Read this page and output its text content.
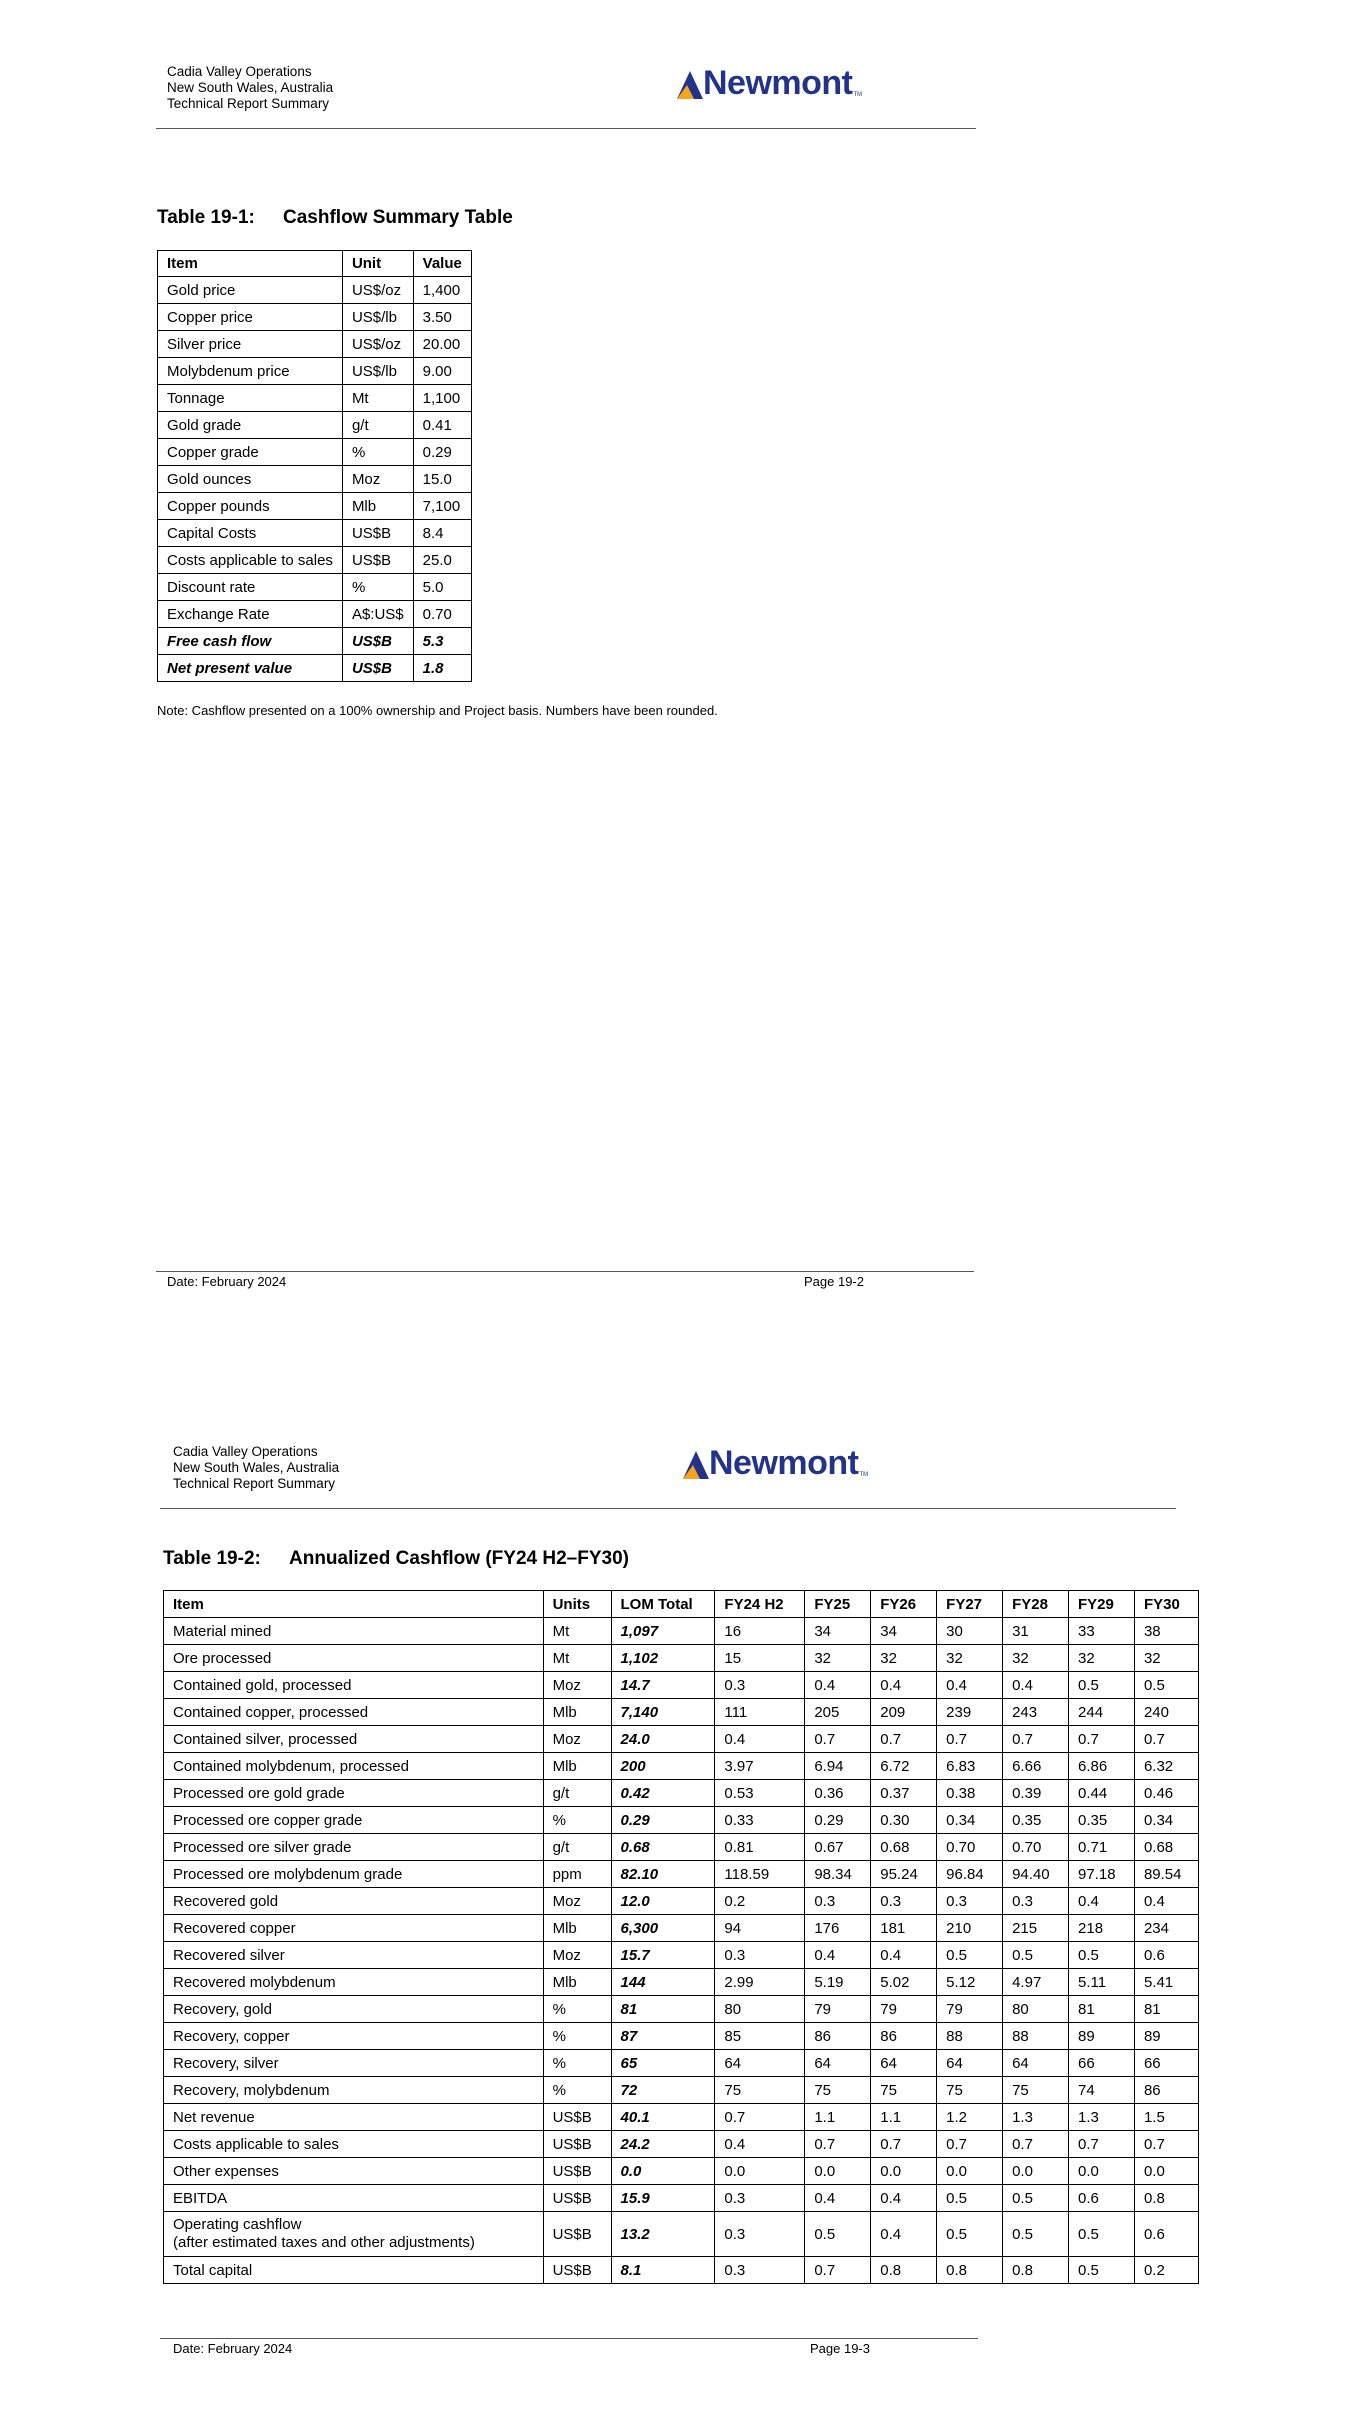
Cadia Valley Operations
New South Wales, Australia
Technical Report Summary
Newmont TM
Table 19-1: Cashflow Summary Table
Item	Unit	Value
Gold price	US$/oz	1,400
Copper price	US$/lb	3.50
Silver price	US$/oz	20.00
Molybdenum price	US$/lb	9.00
Tonnage	Mt	1,100
Gold grade	g/t	0.41
Copper grade	%	0.29
Gold ounces	Moz	15.0
Copper pounds	Mlb	7,100
Capital Costs	US$B	8.4
Costs applicable to sales	US$B	25.0
Discount rate	%	5.0
Exchange Rate	A$:US$	0.70
Free cash flow	US$B	5.3
Net present value	US$B	1.8
Note: Cashflow presented on a 100% ownership and Project basis. Numbers have been rounded.
Date: February 2024	Page 19-2
Cadia Valley Operations
New South Wales, Australia
Technical Report Summary
Newmont TM
Table 19-2: Annualized Cashflow (FY24 H2–FY30)
Item	Units	LOM Total	FY24 H2	FY25	FY26	FY27	FY28	FY29	FY30
Material mined	Mt	1,097	16	34	34	30	31	33	38
Ore processed	Mt	1,102	15	32	32	32	32	32	32
Contained gold, processed	Moz	14.7	0.3	0.4	0.4	0.4	0.4	0.5	0.5
Contained copper, processed	Mlb	7,140	111	205	209	239	243	244	240
Contained silver, processed	Moz	24.0	0.4	0.7	0.7	0.7	0.7	0.7	0.7
Contained molybdenum, processed	Mlb	200	3.97	6.94	6.72	6.83	6.66	6.86	6.32
Processed ore gold grade	g/t	0.42	0.53	0.36	0.37	0.38	0.39	0.44	0.46
Processed ore copper grade	%	0.29	0.33	0.29	0.30	0.34	0.35	0.35	0.34
Processed ore silver grade	g/t	0.68	0.81	0.67	0.68	0.70	0.70	0.71	0.68
Processed ore molybdenum grade	ppm	82.10	118.59	98.34	95.24	96.84	94.40	97.18	89.54
Recovered gold	Moz	12.0	0.2	0.3	0.3	0.3	0.3	0.4	0.4
Recovered copper	Mlb	6,300	94	176	181	210	215	218	234
Recovered silver	Moz	15.7	0.3	0.4	0.4	0.5	0.5	0.5	0.6
Recovered molybdenum	Mlb	144	2.99	5.19	5.02	5.12	4.97	5.11	5.41
Recovery, gold	%	81	80	79	79	79	80	81	81
Recovery, copper	%	87	85	86	86	88	88	89	89
Recovery, silver	%	65	64	64	64	64	64	66	66
Recovery, molybdenum	%	72	75	75	75	75	75	74	86
Net revenue	US$B	40.1	0.7	1.1	1.1	1.2	1.3	1.3	1.5
Costs applicable to sales	US$B	24.2	0.4	0.7	0.7	0.7	0.7	0.7	0.7
Other expenses	US$B	0.0	0.0	0.0	0.0	0.0	0.0	0.0	0.0
EBITDA	US$B	15.9	0.3	0.4	0.4	0.5	0.5	0.6	0.8
Operating cashflow
(after estimated taxes and other adjustments)	US$B	13.2	0.3	0.5	0.4	0.5	0.5	0.5	0.6
Total capital	US$B	8.1	0.3	0.7	0.8	0.8	0.8	0.5	0.2
Date: February 2024	Page 19-3
